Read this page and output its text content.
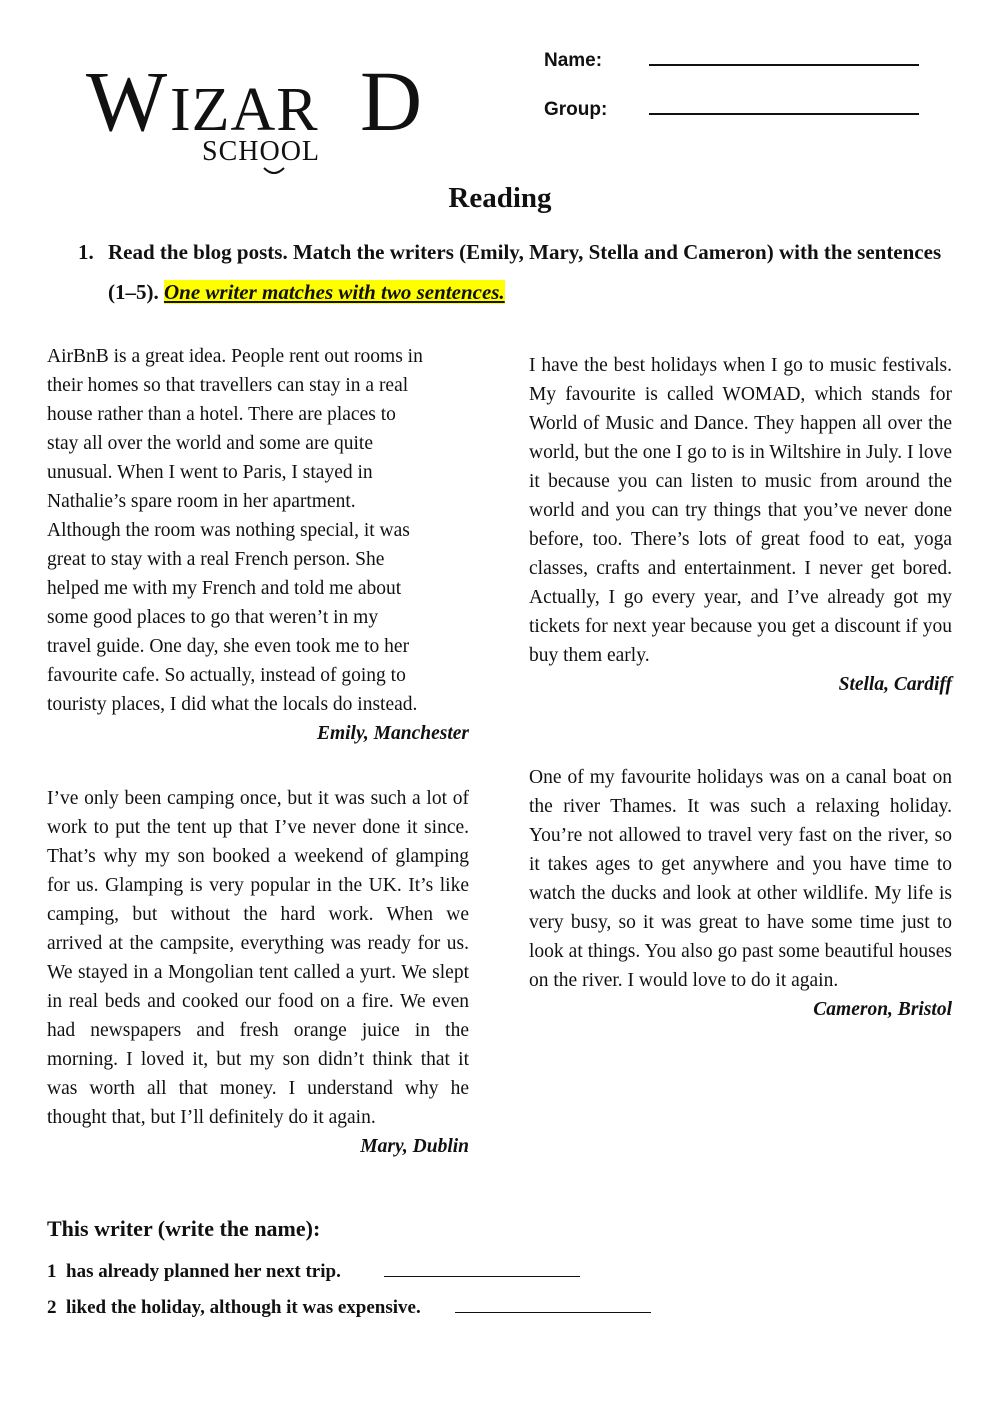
W IZAR D
SCHOOL
Name:
Group:
Reading
1. Read the blog posts. Match the writers (Emily, Mary, Stella and Cameron) with the sentences (1–5). One writer matches with two sentences.
AirBnB is a great idea. People rent out rooms in
their homes so that travellers can stay in a real
house rather than a hotel. There are places to
stay all over the world and some are quite
unusual. When I went to Paris, I stayed in
Nathalie’s spare room in her apartment.
Although the room was nothing special, it was
great to stay with a real French person. She
helped me with my French and told me about
some good places to go that weren’t in my
travel guide. One day, she even took me to her
favourite cafe. So actually, instead of going to
touristy places, I did what the locals do instead.
Emily, Manchester

I’ve only been camping once, but it was such a lot of work to put the tent up that I’ve never done it since. That’s why my son booked a weekend of glamping for us. Glamping is very popular in the UK. It’s like camping, but without the hard work. When we arrived at the campsite, everything was ready for us. We stayed in a Mongolian tent called a yurt. We slept in real beds and cooked our food on a fire. We even had newspapers and fresh orange juice in the morning. I loved it, but my son didn’t think that it was worth all that money. I understand why he thought that, but I’ll definitely do it again.

Mary, Dublin

I have the best holidays when I go to music festivals. My favourite is called WOMAD, which stands for World of Music and Dance. They happen all over the world, but the one I go to is in Wiltshire in July. I love it because you can listen to music from around the world and you can try things that you’ve never done before, too. There’s lots of great food to eat, yoga classes, crafts and entertainment. I never get bored. Actually, I go every year, and I’ve already got my tickets for next year because you get a discount if you buy them early.

Stella, Cardiff

One of my favourite holidays was on a canal boat on the river Thames. It was such a relaxing holiday. You’re not allowed to travel very fast on the river, so it takes ages to get anywhere and you have time to watch the ducks and look at other wildlife. My life is very busy, so it was great to have some time just to look at things. You also go past some beautiful houses on the river. I would love to do it again.

Cameron, Bristol
This writer (write the name):
1 has already planned her next trip.
2 liked the holiday, although it was expensive.
